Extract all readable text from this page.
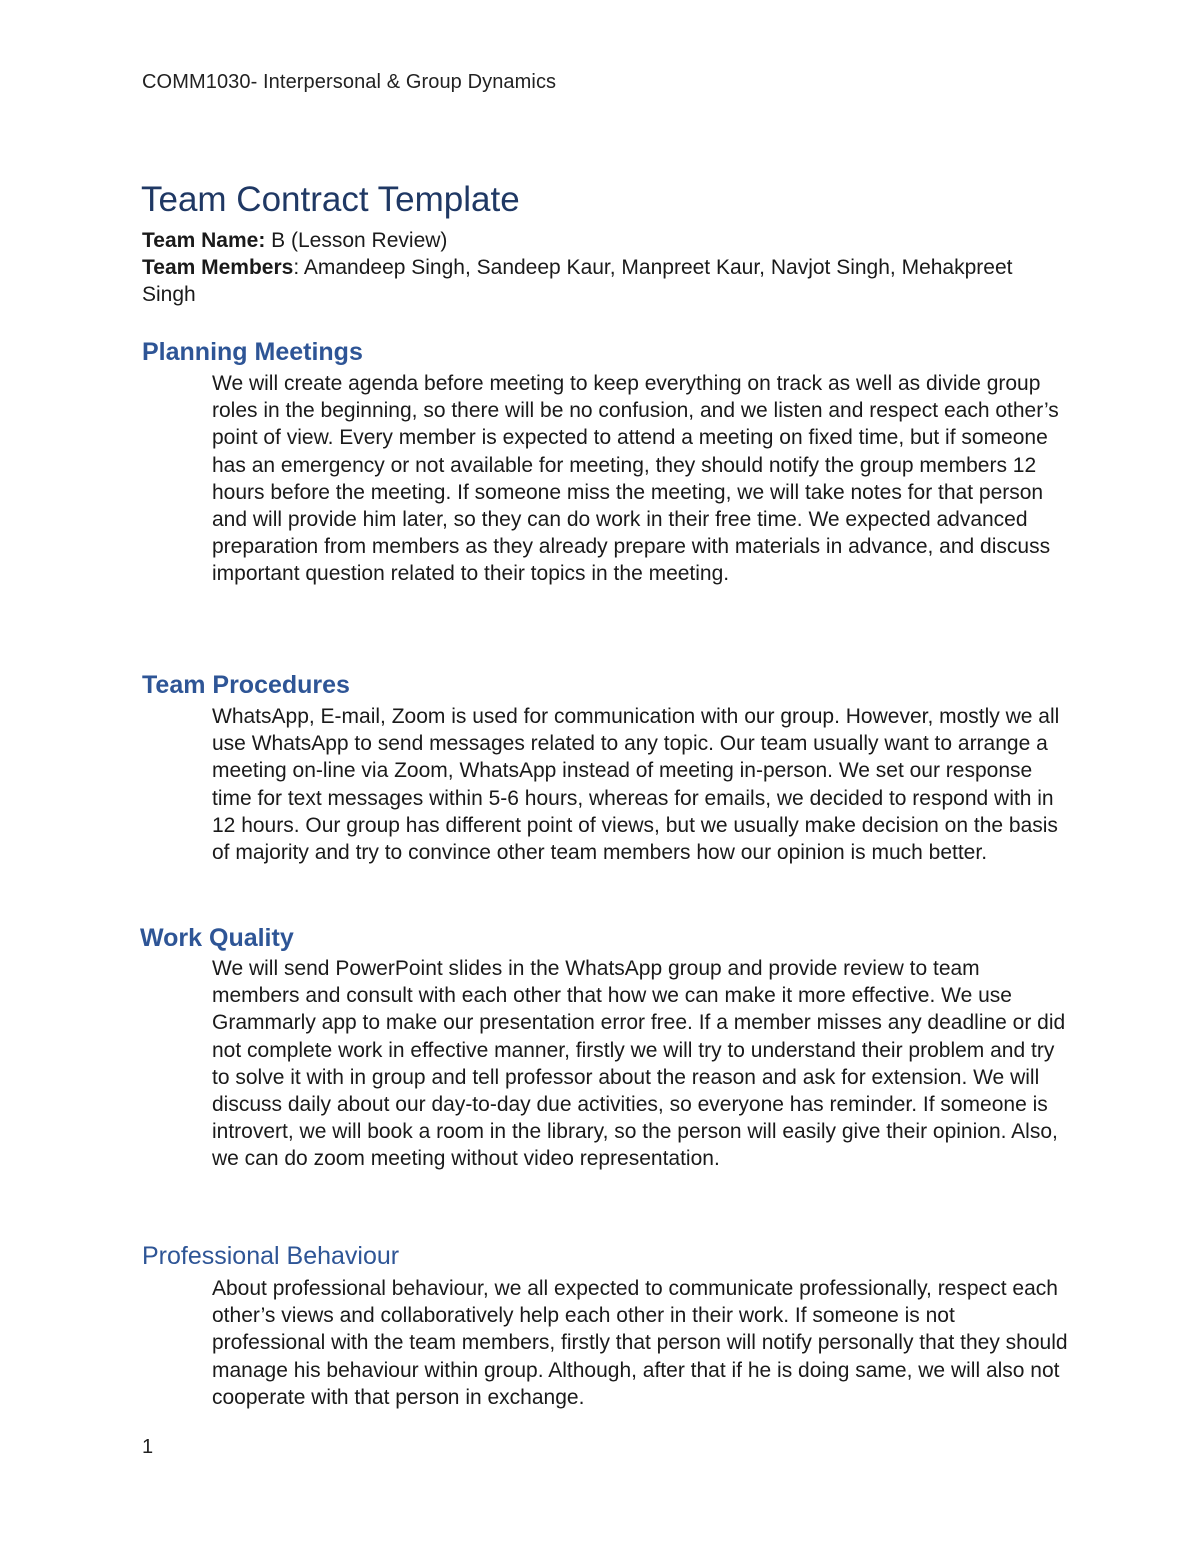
COMM1030- Interpersonal & Group Dynamics
Team Contract Template
Team Name: B (Lesson Review)
Team Members: Amandeep Singh, Sandeep Kaur, Manpreet Kaur, Navjot Singh, Mehakpreet Singh
Planning Meetings

We will create agenda before meeting to keep everything on track as well as divide group roles in the beginning, so there will be no confusion, and we listen and respect each other’s point of view. Every member is expected to attend a meeting on fixed time, but if someone has an emergency or not available for meeting, they should notify the group members 12 hours before the meeting. If someone miss the meeting, we will take notes for that person and will provide him later, so they can do work in their free time. We expected advanced preparation from members as they already prepare with materials in advance, and discuss important question related to their topics in the meeting.

Team Procedures

WhatsApp, E-mail, Zoom is used for communication with our group. However, mostly we all use WhatsApp to send messages related to any topic. Our team usually want to arrange a meeting on-line via Zoom, WhatsApp instead of meeting in-person. We set our response time for text messages within 5-6 hours, whereas for emails, we decided to respond with in 12 hours. Our group has different point of views, but we usually make decision on the basis of majority and try to convince other team members how our opinion is much better.

Work Quality

We will send PowerPoint slides in the WhatsApp group and provide review to team members and consult with each other that how we can make it more effective. We use Grammarly app to make our presentation error free. If a member misses any deadline or did not complete work in effective manner, firstly we will try to understand their problem and try to solve it with in group and tell professor about the reason and ask for extension. We will discuss daily about our day-to-day due activities, so everyone has reminder. If someone is introvert, we will book a room in the library, so the person will easily give their opinion. Also, we can do zoom meeting without video representation.

Professional Behaviour

About professional behaviour, we all expected to communicate professionally, respect each other’s views and collaboratively help each other in their work. If someone is not professional with the team members, firstly that person will notify personally that they should manage his behaviour within group. Although, after that if he is doing same, we will also not cooperate with that person in exchange.

1
